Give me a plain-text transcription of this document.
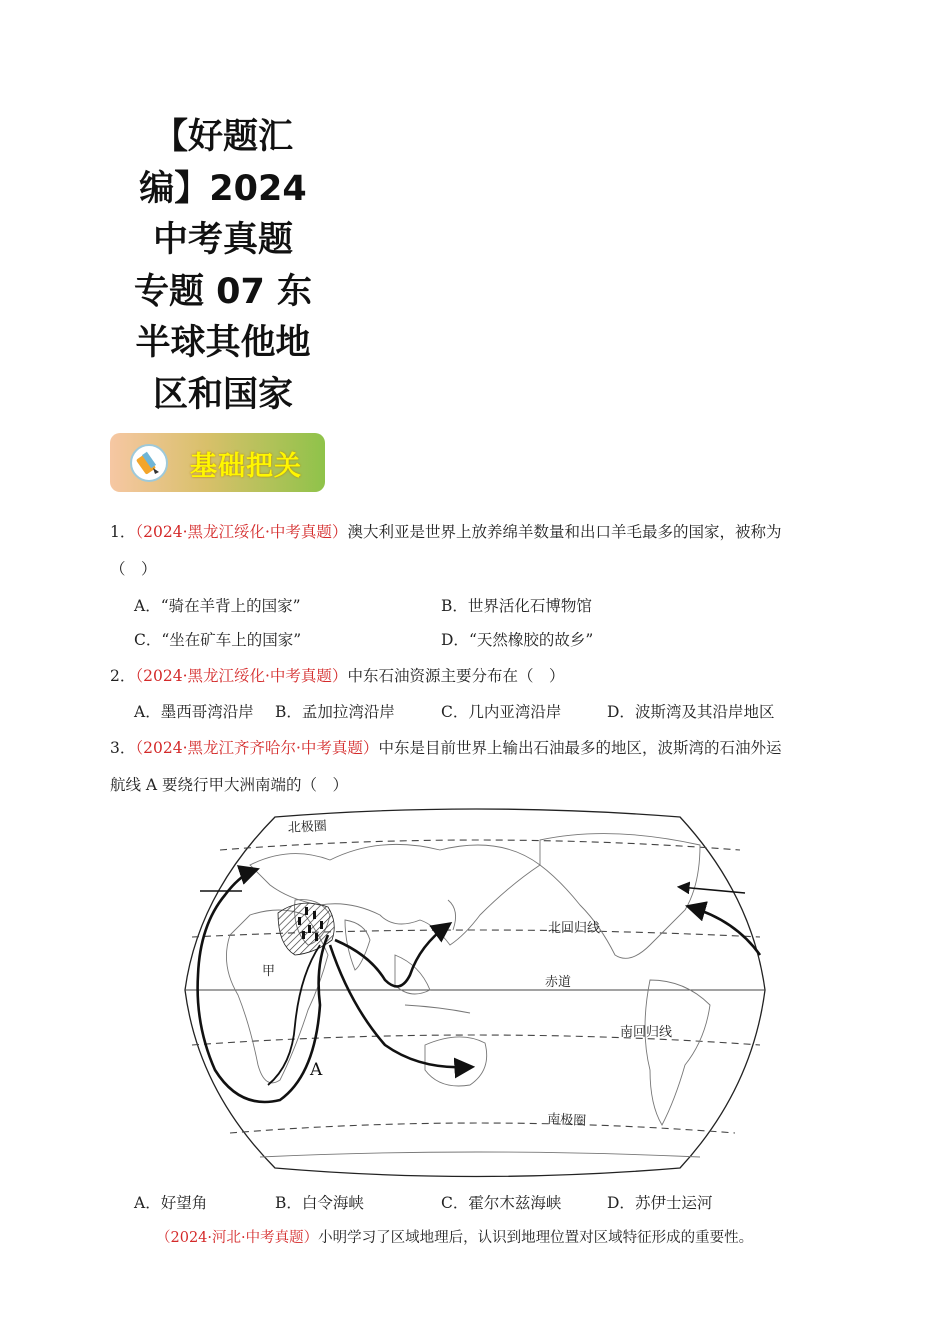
【好题汇
编】2024
中考真题
专题 07 东
半球其他地
区和国家
基础把关
1．（2024·黑龙江绥化·中考真题）澳大利亚是世界上放养绵羊数量和出口羊毛最多的国家，被称为
（　）
A．“骑在羊背上的国家”	B．世界活化石博物馆
C．“坐在矿车上的国家”	D．“天然橡胶的故乡”
2．（2024·黑龙江绥化·中考真题）中东石油资源主要分布在（　）
A．墨西哥湾沿岸 B．孟加拉湾沿岸	C．几内亚湾沿岸	D．波斯湾及其沿岸地区
3．（2024·黑龙江齐齐哈尔·中考真题）中东是目前世界上输出石油最多的地区，波斯湾的石油外运
航线 A 要绕行甲大洲南端的（　）
北极圈
北回归线
赤道
南回归线
南极圈
甲
A
A．好望角	B．白令海峡	C．霍尔木兹海峡	D．苏伊士运河
（2024·河北·中考真题）小明学习了区域地理后，认识到地理位置对区域特征形成的重要性。
